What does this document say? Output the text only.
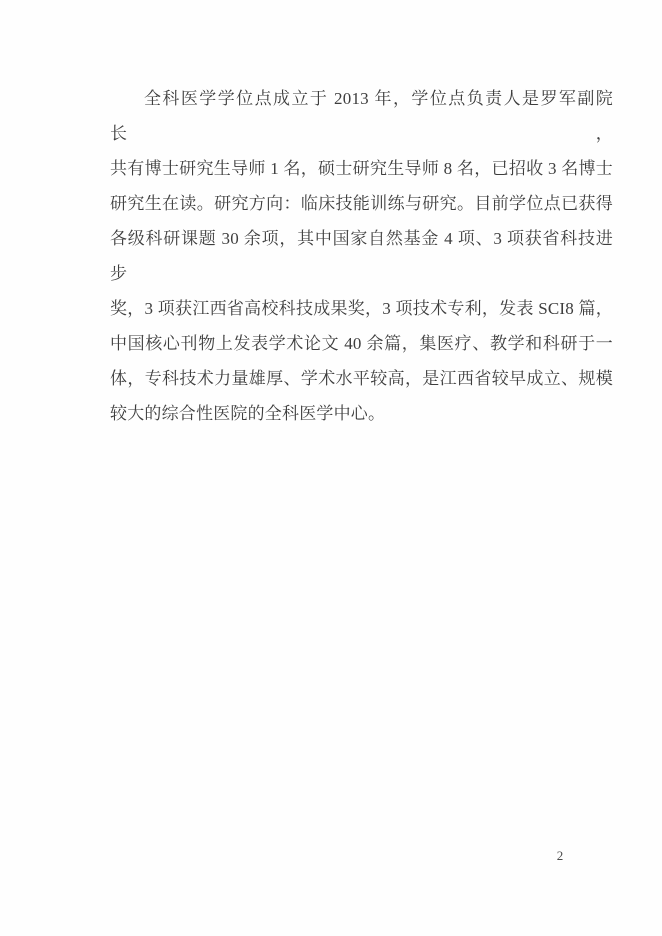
全科医学学位点成立于 2013 年，学位点负责人是罗军副院长，
共有博士研究生导师 1 名，硕士研究生导师 8 名，已招收 3 名博士
研究生在读。研究方向：临床技能训练与研究。目前学位点已获得
各级科研课题 30 余项，其中国家自然基金 4 项、3 项获省科技进步
奖，3 项获江西省高校科技成果奖，3 项技术专利，发表 SCI8 篇，
中国核心刊物上发表学术论文 40 余篇，集医疗、教学和科研于一
体，专科技术力量雄厚、学术水平较高，是江西省较早成立、规模
较大的综合性医院的全科医学中心。
2
